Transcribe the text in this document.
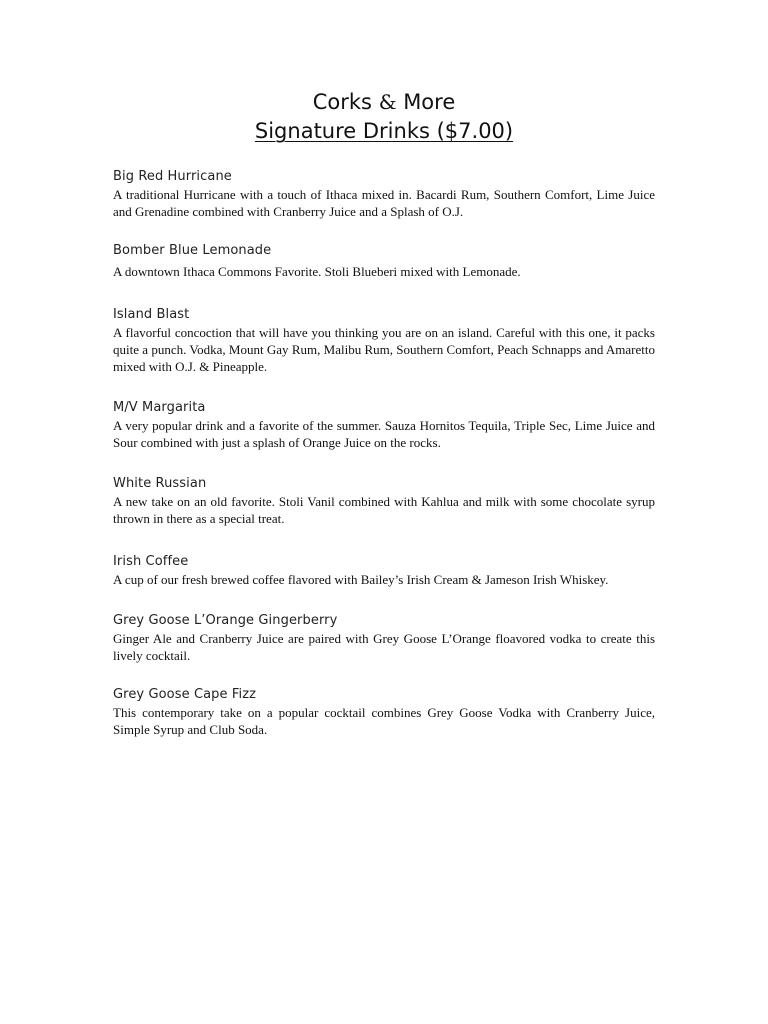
Corks & More
Signature Drinks ($7.00)
Big Red Hurricane
A traditional Hurricane with a touch of Ithaca mixed in. Bacardi Rum, Southern Comfort, Lime Juice and Grenadine combined with Cranberry Juice and a Splash of O.J.
Bomber Blue Lemonade
A downtown Ithaca Commons Favorite. Stoli Blueberi mixed with Lemonade.
Island Blast
A flavorful concoction that will have you thinking you are on an island. Careful with this one, it packs quite a punch. Vodka, Mount Gay Rum, Malibu Rum, Southern Comfort, Peach Schnapps and Amaretto mixed with O.J. & Pineapple.
M/V Margarita
A very popular drink and a favorite of the summer. Sauza Hornitos Tequila, Triple Sec, Lime Juice and Sour combined with just a splash of Orange Juice on the rocks.
White Russian
A new take on an old favorite. Stoli Vanil combined with Kahlua and milk with some chocolate syrup thrown in there as a special treat.
Irish Coffee
A cup of our fresh brewed coffee flavored with Bailey’s Irish Cream & Jameson Irish Whiskey.
Grey Goose L’Orange Gingerberry
Ginger Ale and Cranberry Juice are paired with Grey Goose L’Orange floavored vodka to create this lively cocktail.
Grey Goose Cape Fizz
This contemporary take on a popular cocktail combines Grey Goose Vodka with Cranberry Juice, Simple Syrup and Club Soda.
